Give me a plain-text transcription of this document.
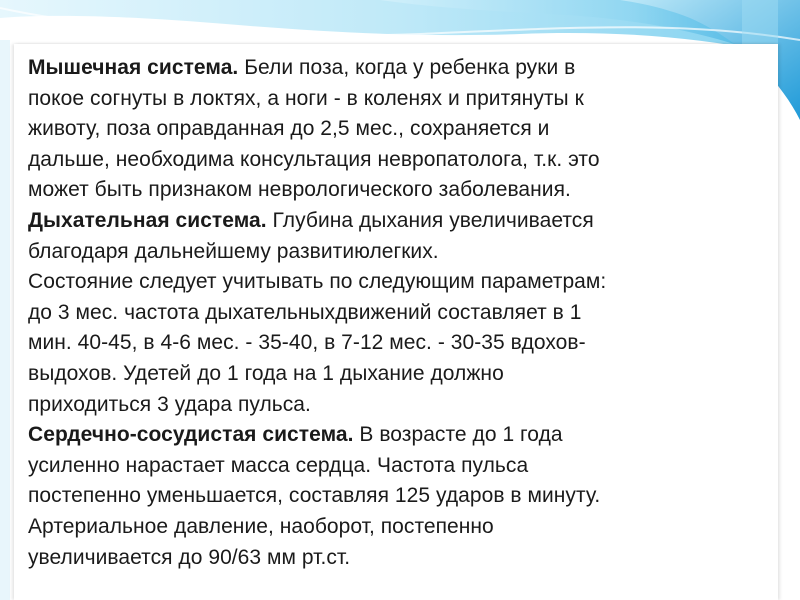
Мышечная система. Бели поза, когда у ребенка руки в

покое согнуты в локтях, а ноги - в коленях и притянуты к

животу, поза оправданная до 2,5 мес., сохраняется и

дальше, необходима консультация невропатолога, т.к. это

может быть признаком неврологического заболевания.

Дыхательная система. Глубина дыхания увеличивается

благодаря дальнейшему развитиюлегких.

Состояние следует учитывать по следующим параметрам:

до 3 мес. частота дыхательныхдвижений составляет в 1

мин. 40-45, в 4-6 мес. - 35-40, в 7-12 мес. - 30-35 вдохов-

выдохов. Удетей до 1 года на 1 дыхание должно

приходиться 3 удара пульса.

Сердечно-сосудистая система. В возрасте до 1 года

усиленно нарастает масса сердца. Частота пульса

постепенно уменьшается, составляя 125 ударов в минуту.

Артериальное давление, наоборот, постепенно

увеличивается до 90/63 мм рт.ст.
